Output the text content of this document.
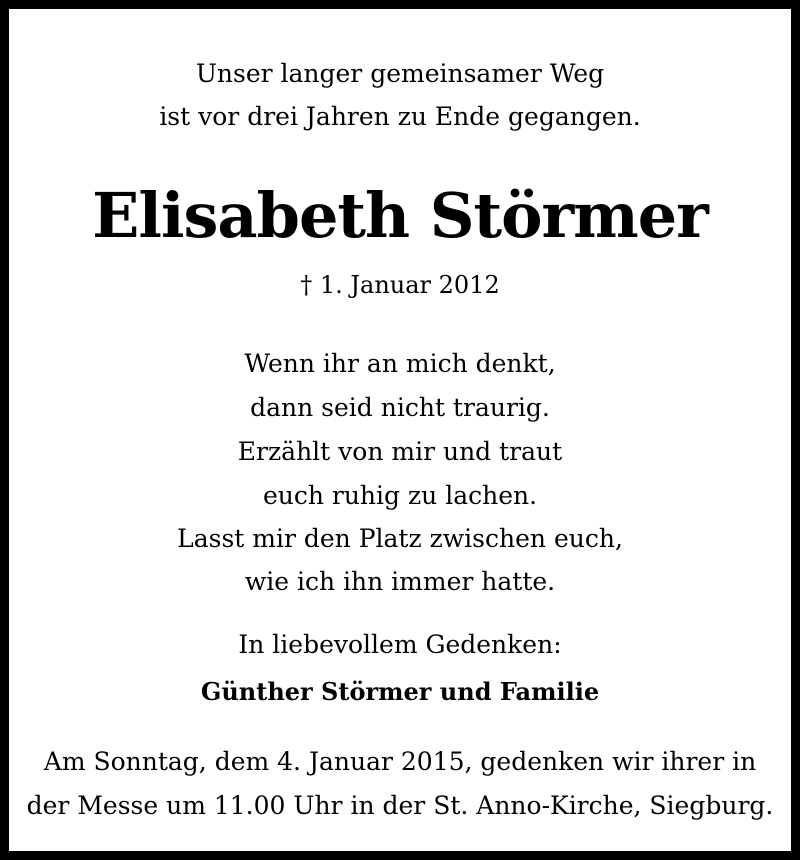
Unser langer gemeinsamer Weg
ist vor drei Jahren zu Ende gegangen.
Elisabeth Störmer
† 1. Januar 2012
Wenn ihr an mich denkt,
dann seid nicht traurig.
Erzählt von mir und traut
euch ruhig zu lachen.
Lasst mir den Platz zwischen euch,
wie ich ihn immer hatte.
In liebevollem Gedenken:
Günther Störmer und Familie
Am Sonntag, dem 4. Januar 2015, gedenken wir ihrer in
der Messe um 11.00 Uhr in der St. Anno-Kirche, Siegburg.
